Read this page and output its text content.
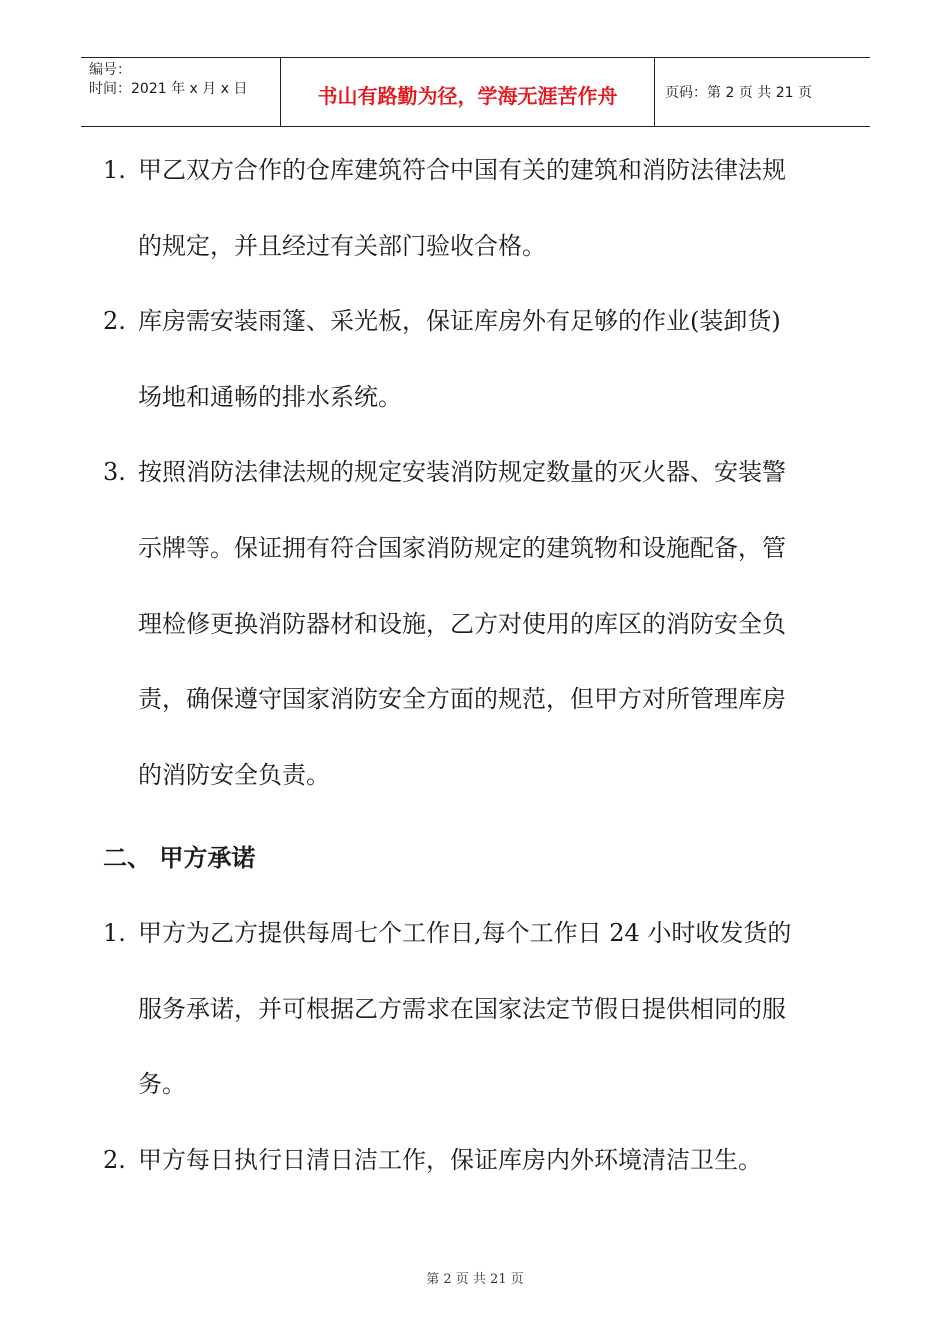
编号：
时间：2021 年 x 月 x 日	书山有路勤为径，学海无涯苦作舟	页码：第 2 页 共 21 页
1. 甲乙双方合作的仓库建筑符合中国有关的建筑和消防法律法规
的规定，并且经过有关部门验收合格。
2. 库房需安装雨篷、采光板，保证库房外有足够的作业(装卸货)
场地和通畅的排水系统。
3. 按照消防法律法规的规定安装消防规定数量的灭火器、安装警
示牌等。保证拥有符合国家消防规定的建筑物和设施配备，管
理检修更换消防器材和设施，乙方对使用的库区的消防安全负
责，确保遵守国家消防安全方面的规范，但甲方对所管理库房
的消防安全负责。
二、 甲方承诺
1. 甲方为乙方提供每周七个工作日,每个工作日 24 小时收发货的
服务承诺，并可根据乙方需求在国家法定节假日提供相同的服
务。
2. 甲方每日执行日清日洁工作，保证库房内外环境清洁卫生。
第 2 页 共 21 页
